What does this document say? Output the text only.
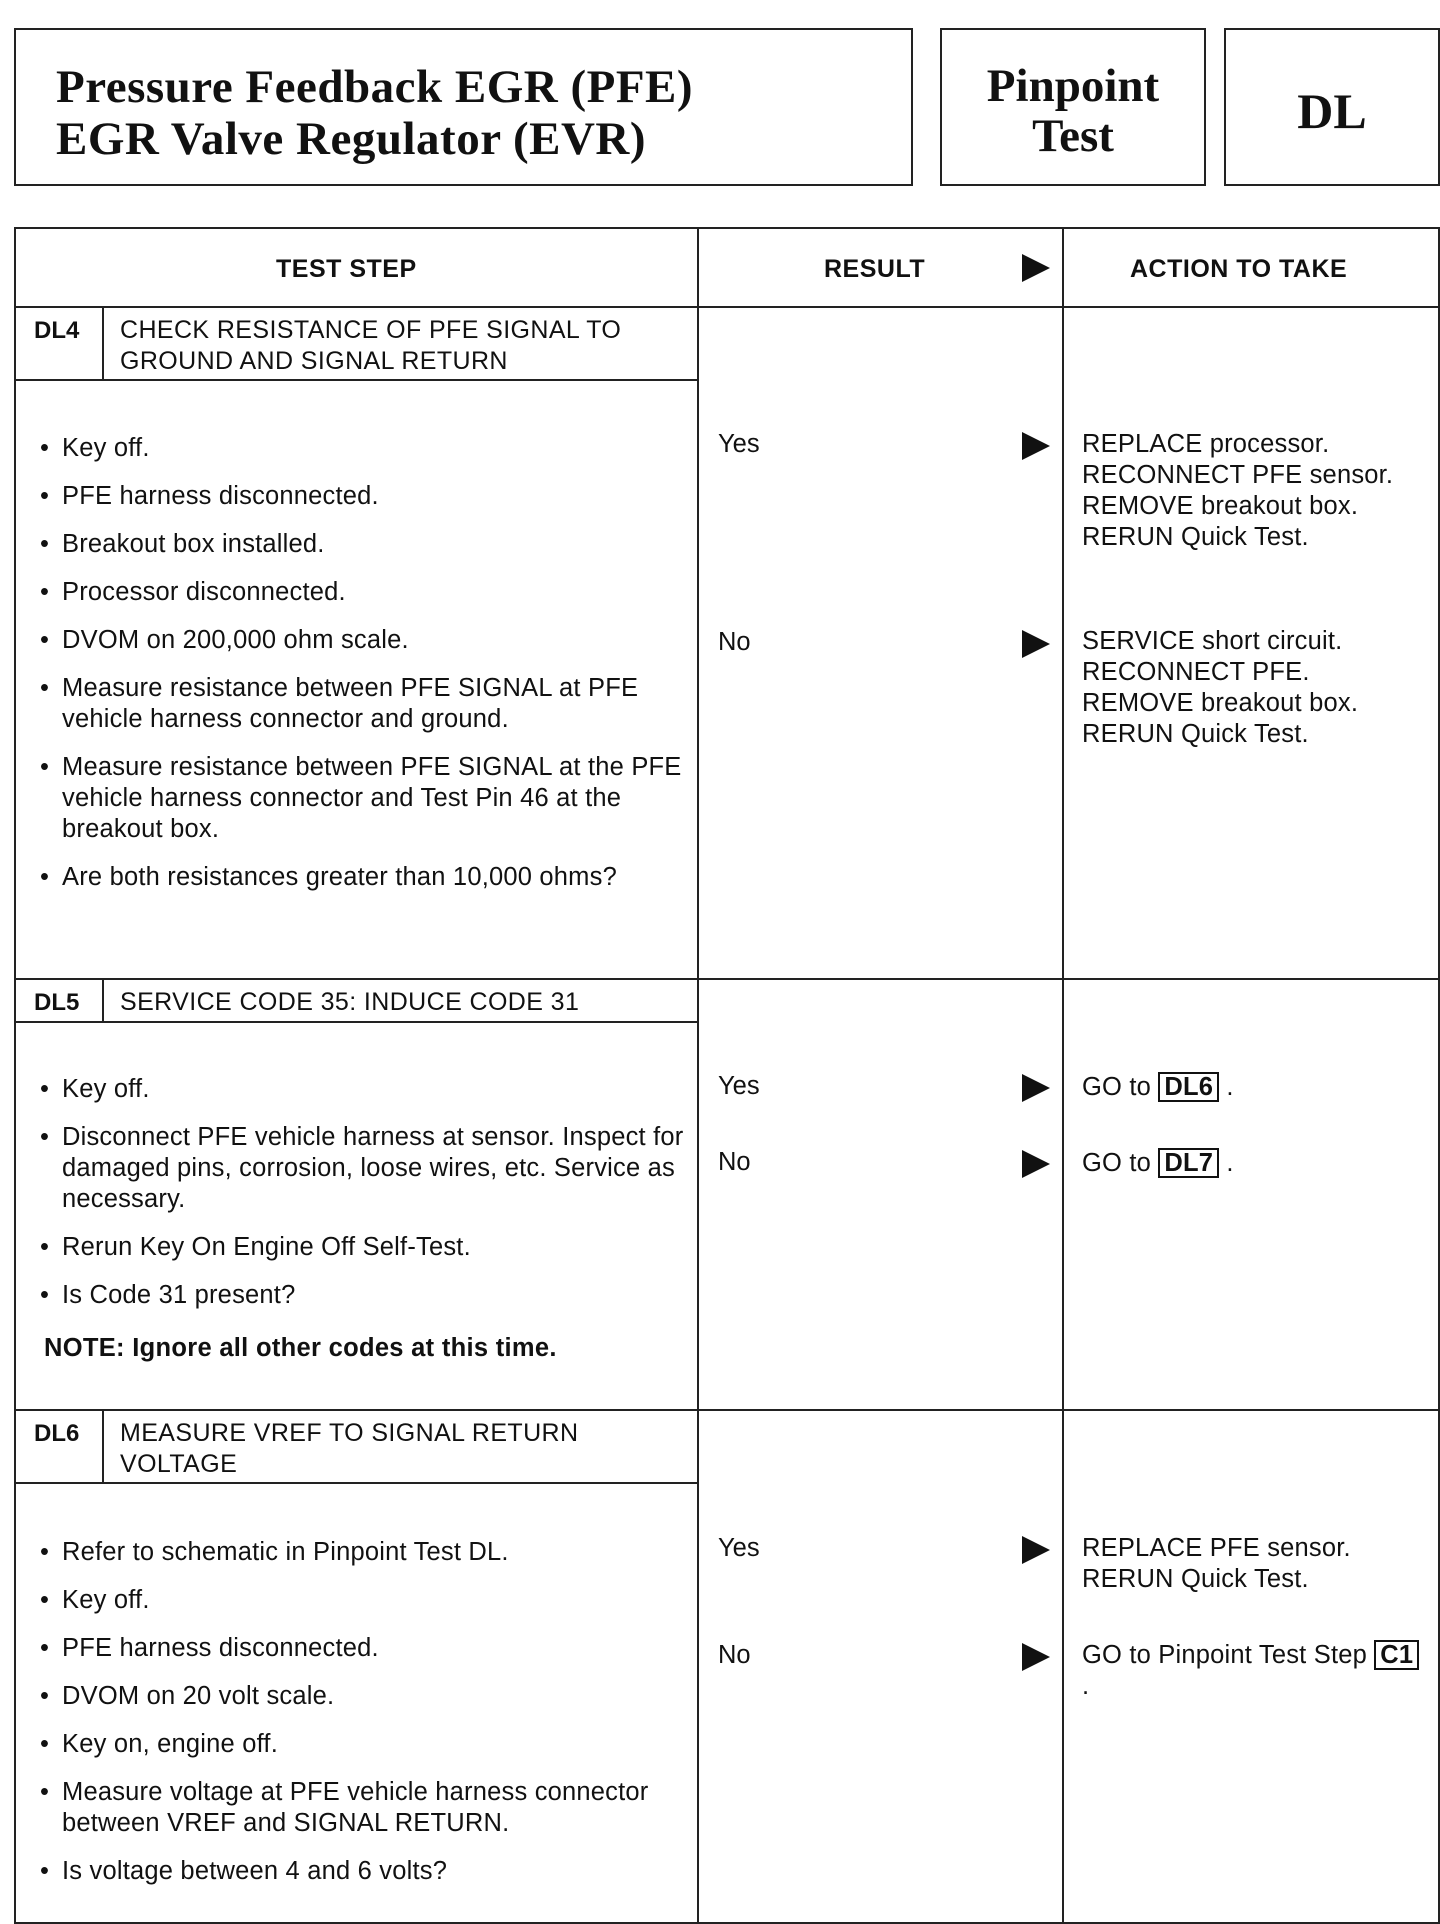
Pressure Feedback EGR (PFE)
EGR Valve Regulator (EVR)
Pinpoint
Test	DL
TEST STEP	RESULT	ACTION TO TAKE
DL4	CHECK RESISTANCE OF PFE SIGNAL TO GROUND AND SIGNAL RETURN
• Key off.
• PFE harness disconnected.
• Breakout box installed.
• Processor disconnected.
• DVOM on 200,000 ohm scale.
• Measure resistance between PFE SIGNAL at PFE vehicle harness connector and ground.
• Measure resistance between PFE SIGNAL at the PFE vehicle harness connector and Test Pin 46 at the breakout box.
• Are both resistances greater than 10,000 ohms?
Yes	REPLACE processor. RECONNECT PFE sensor. REMOVE breakout box. RERUN Quick Test.
No	SERVICE short circuit. RECONNECT PFE. REMOVE breakout box. RERUN Quick Test.
DL5	SERVICE CODE 35: INDUCE CODE 31
• Key off.
• Disconnect PFE vehicle harness at sensor. Inspect for damaged pins, corrosion, loose wires, etc. Service as necessary.
• Rerun Key On Engine Off Self-Test.
• Is Code 31 present?
NOTE: Ignore all other codes at this time.
Yes	GO to DL6 .
No	GO to DL7 .
DL6	MEASURE VREF TO SIGNAL RETURN VOLTAGE
• Refer to schematic in Pinpoint Test DL.
• Key off.
• PFE harness disconnected.
• DVOM on 20 volt scale.
• Key on, engine off.
• Measure voltage at PFE vehicle harness connector between VREF and SIGNAL RETURN.
• Is voltage between 4 and 6 volts?
Yes	REPLACE PFE sensor. RERUN Quick Test.
No	GO to Pinpoint Test Step C1 .
